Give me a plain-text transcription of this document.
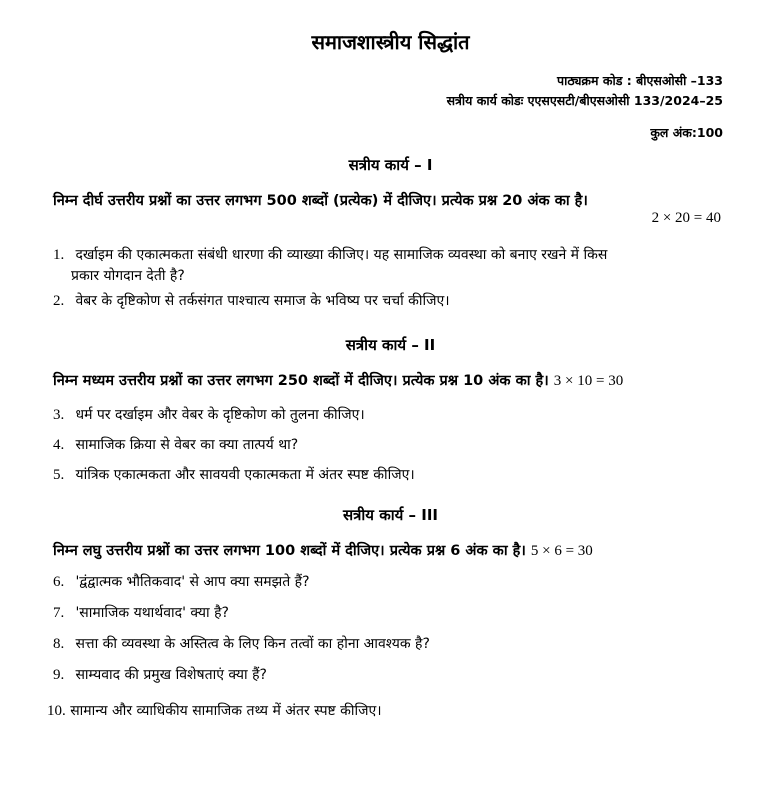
समाजशास्त्रीय सिद्धांत
पाठ्यक्रम कोड : बीएसओसी –133
सत्रीय कार्य कोडः एएसएसटी/बीएसओसी 133/2024–25
कुल अंक:100
सत्रीय कार्य – I
निम्न दीर्घ उत्तरीय प्रश्नों का उत्तर लगभग 500 शब्दों (प्रत्येक) में दीजिए। प्रत्येक प्रश्न 20 अंक का है।
2 × 20 = 40
1. दर्खाइम की एकात्मकता संबंधी धारणा की व्याख्या कीजिए। यह सामाजिक व्यवस्था को बनाए रखने में किस
प्रकार योगदान देती है?
2. वेबर के दृष्टिकोण से तर्कसंगत पाश्चात्य समाज के भविष्य पर चर्चा कीजिए।
सत्रीय कार्य – II
निम्न मध्यम उत्तरीय प्रश्नों का उत्तर लगभग 250 शब्दों में दीजिए। प्रत्येक प्रश्न 10 अंक का है। 3 × 10 = 30
3. धर्म पर दर्खाइम और वेबर के दृष्टिकोण को तुलना कीजिए।
4. सामाजिक क्रिया से वेबर का क्या तात्पर्य था?
5. यांत्रिक एकात्मकता और सावयवी एकात्मकता में अंतर स्पष्ट कीजिए।
सत्रीय कार्य – III
निम्न लघु उत्तरीय प्रश्नों का उत्तर लगभग 100 शब्दों में दीजिए। प्रत्येक प्रश्न 6 अंक का है। 5 × 6 = 30
6. 'द्वंद्वात्मक भौतिकवाद' से आप क्या समझते हैं?
7. 'सामाजिक यथार्थवाद' क्या है?
8. सत्ता की व्यवस्था के अस्तित्व के लिए किन तत्वों का होना आवश्यक है?
9. साम्यवाद की प्रमुख विशेषताएं क्या हैं?
10. सामान्य और व्याधिकीय सामाजिक तथ्य में अंतर स्पष्ट कीजिए।
